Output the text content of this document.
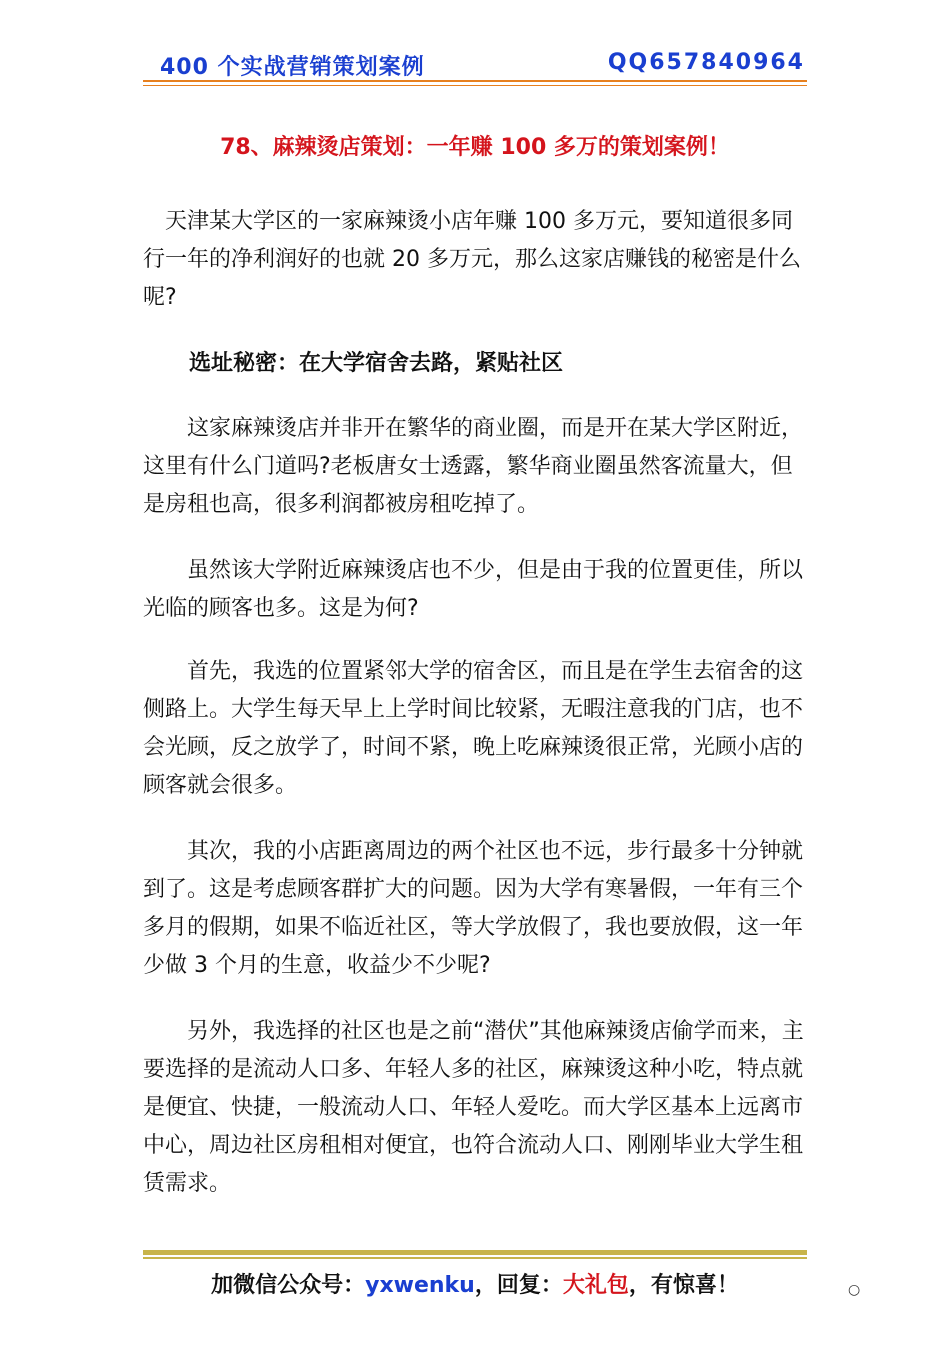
400 个实战营销策划案例	QQ657840964
78、麻辣烫店策划：一年赚 100 多万的策划案例！

天津某大学区的一家麻辣烫小店年赚 100 多万元，要知道很多同行一年的净利润好的也就 20 多万元，那么这家店赚钱的秘密是什么呢?

选址秘密：在大学宿舍去路，紧贴社区

这家麻辣烫店并非开在繁华的商业圈，而是开在某大学区附近，这里有什么门道吗?老板唐女士透露，繁华商业圈虽然客流量大，但是房租也高，很多利润都被房租吃掉了。

虽然该大学附近麻辣烫店也不少，但是由于我的位置更佳，所以光临的顾客也多。这是为何?

首先，我选的位置紧邻大学的宿舍区，而且是在学生去宿舍的这侧路上。大学生每天早上上学时间比较紧，无暇注意我的门店，也不会光顾，反之放学了，时间不紧，晚上吃麻辣烫很正常，光顾小店的顾客就会很多。

其次，我的小店距离周边的两个社区也不远，步行最多十分钟就到了。这是考虑顾客群扩大的问题。因为大学有寒暑假，一年有三个多月的假期，如果不临近社区，等大学放假了，我也要放假，这一年少做 3 个月的生意，收益少不少呢?

另外，我选择的社区也是之前“潜伏”其他麻辣烫店偷学而来，主要选择的是流动人口多、年轻人多的社区，麻辣烫这种小吃，特点就是便宜、快捷，一般流动人口、年轻人爱吃。而大学区基本上远离市中心，周边社区房租相对便宜，也符合流动人口、刚刚毕业大学生租赁需求。

加微信公众号：yxwenku，回复：大礼包，有惊喜！	○
